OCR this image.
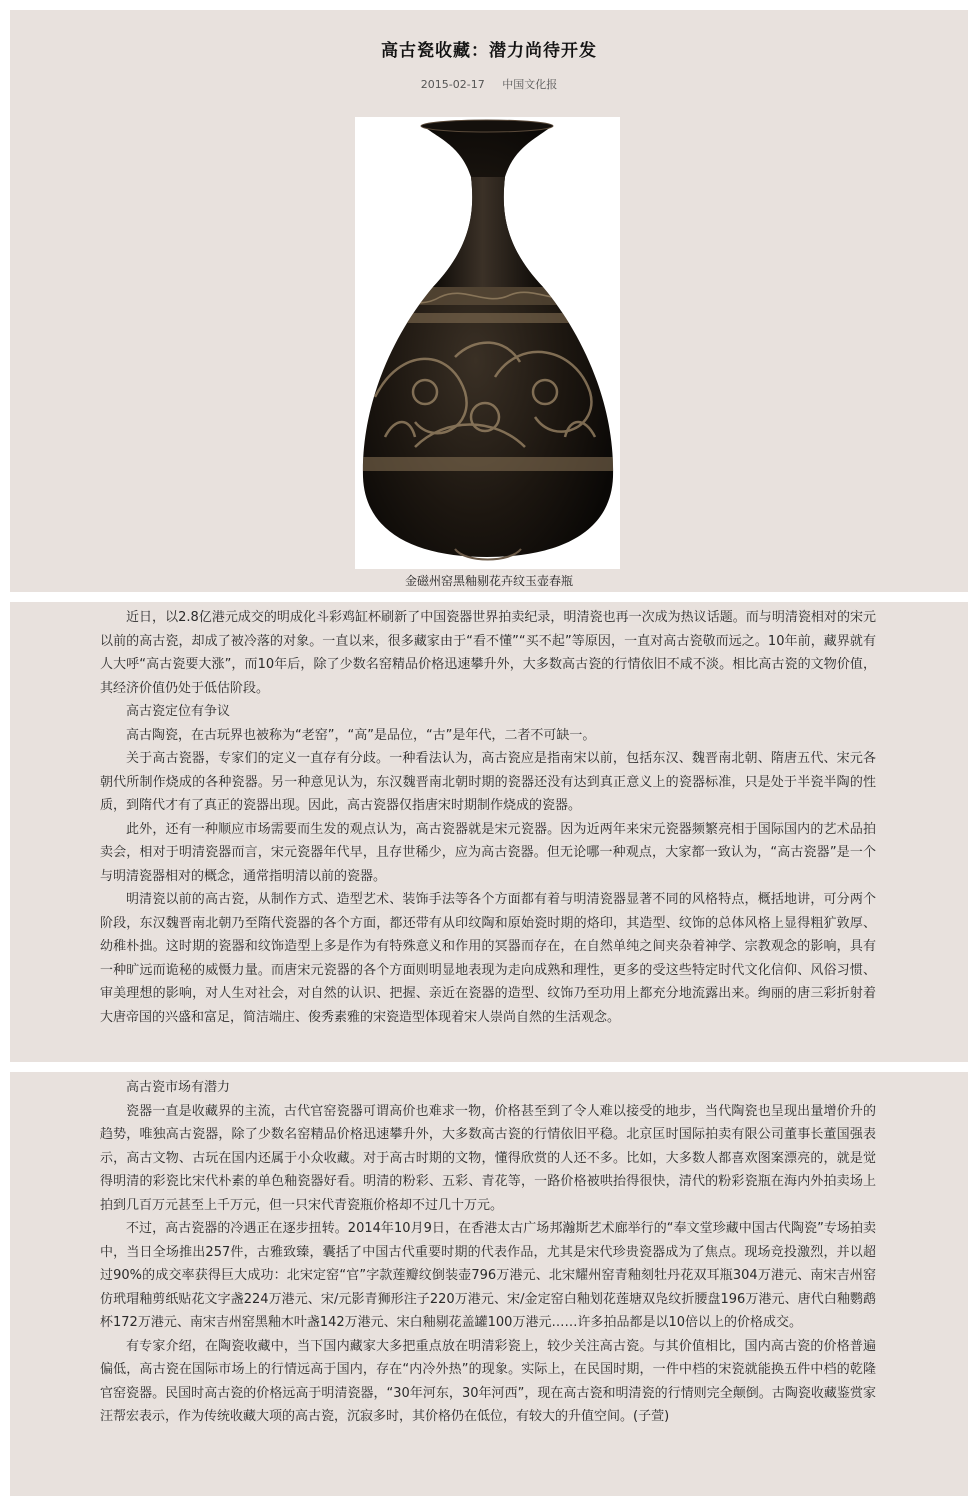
高古瓷收藏：潜力尚待开发
2015-02-17 中国文化报
金磁州窑黑釉剔花卉纹玉壶春瓶

近日，以2.8亿港元成交的明成化斗彩鸡缸杯刷新了中国瓷器世界拍卖纪录，明清瓷也再一次成为热议话题。而与明清瓷相对的宋元以前的高古瓷，却成了被冷落的对象。一直以来，很多藏家由于“看不懂”“买不起”等原因，一直对高古瓷敬而远之。10年前，藏界就有人大呼“高古瓷要大涨”，而10年后，除了少数名窑精品价格迅速攀升外，大多数高古瓷的行情依旧不咸不淡。相比高古瓷的文物价值，其经济价值仍处于低估阶段。

高古瓷定位有争议

高古陶瓷，在古玩界也被称为“老窑”，“高”是品位，“古”是年代，二者不可缺一。

关于高古瓷器，专家们的定义一直存有分歧。一种看法认为，高古瓷应是指南宋以前，包括东汉、魏晋南北朝、隋唐五代、宋元各朝代所制作烧成的各种瓷器。另一种意见认为，东汉魏晋南北朝时期的瓷器还没有达到真正意义上的瓷器标准，只是处于半瓷半陶的性质，到隋代才有了真正的瓷器出现。因此，高古瓷器仅指唐宋时期制作烧成的瓷器。

此外，还有一种顺应市场需要而生发的观点认为，高古瓷器就是宋元瓷器。因为近两年来宋元瓷器频繁亮相于国际国内的艺术品拍卖会，相对于明清瓷器而言，宋元瓷器年代早，且存世稀少，应为高古瓷器。但无论哪一种观点，大家都一致认为，“高古瓷器”是一个与明清瓷器相对的概念，通常指明清以前的瓷器。

明清瓷以前的高古瓷，从制作方式、造型艺术、装饰手法等各个方面都有着与明清瓷器显著不同的风格特点，概括地讲，可分两个阶段，东汉魏晋南北朝乃至隋代瓷器的各个方面，都还带有从印纹陶和原始瓷时期的烙印，其造型、纹饰的总体风格上显得粗犷敦厚、幼稚朴拙。这时期的瓷器和纹饰造型上多是作为有特殊意义和作用的冥器而存在，在自然单纯之间夹杂着神学、宗教观念的影响，具有一种旷远而诡秘的威慑力量。而唐宋元瓷器的各个方面则明显地表现为走向成熟和理性，更多的受这些特定时代文化信仰、风俗习惯、审美理想的影响，对人生对社会，对自然的认识、把握、亲近在瓷器的造型、纹饰乃至功用上都充分地流露出来。绚丽的唐三彩折射着大唐帝国的兴盛和富足，简洁端庄、俊秀素雅的宋瓷造型体现着宋人崇尚自然的生活观念。

高古瓷市场有潜力

瓷器一直是收藏界的主流，古代官窑瓷器可谓高价也难求一物，价格甚至到了令人难以接受的地步，当代陶瓷也呈现出量增价升的趋势，唯独高古瓷器，除了少数名窑精品价格迅速攀升外，大多数高古瓷的行情依旧平稳。北京匡时国际拍卖有限公司董事长董国强表示，高古文物、古玩在国内还属于小众收藏。对于高古时期的文物，懂得欣赏的人还不多。比如，大多数人都喜欢图案漂亮的，就是觉得明清的彩瓷比宋代朴素的单色釉瓷器好看。明清的粉彩、五彩、青花等，一路价格被哄抬得很快，清代的粉彩瓷瓶在海内外拍卖场上拍到几百万元甚至上千万元，但一只宋代青瓷瓶价格却不过几十万元。

不过，高古瓷器的冷遇正在逐步扭转。2014年10月9日，在香港太古广场邦瀚斯艺术廊举行的“奉文堂珍藏中国古代陶瓷”专场拍卖中，当日全场推出257件，古雅致臻，囊括了中国古代重要时期的代表作品，尤其是宋代珍贵瓷器成为了焦点。现场竞投激烈，并以超过90%的成交率获得巨大成功：北宋定窑“官”字款莲瓣纹倒装壶796万港元、北宋耀州窑青釉刻牡丹花双耳瓶304万港元、南宋吉州窑仿玳瑁釉剪纸贴花文字盏224万港元、宋/元影青狮形注子220万港元、宋/金定窑白釉划花莲塘双凫纹折腰盘196万港元、唐代白釉鹦鹉杯172万港元、南宋吉州窑黑釉木叶盏142万港元、宋白釉剔花盖罐100万港元……许多拍品都是以10倍以上的价格成交。

有专家介绍，在陶瓷收藏中，当下国内藏家大多把重点放在明清彩瓷上，较少关注高古瓷。与其价值相比，国内高古瓷的价格普遍偏低，高古瓷在国际市场上的行情远高于国内，存在“内冷外热”的现象。实际上，在民国时期，一件中档的宋瓷就能换五件中档的乾隆官窑瓷器。民国时高古瓷的价格远高于明清瓷器，“30年河东，30年河西”，现在高古瓷和明清瓷的行情则完全颠倒。古陶瓷收藏鉴赏家汪帮宏表示，作为传统收藏大项的高古瓷，沉寂多时，其价格仍在低位，有较大的升值空间。(子萱)
